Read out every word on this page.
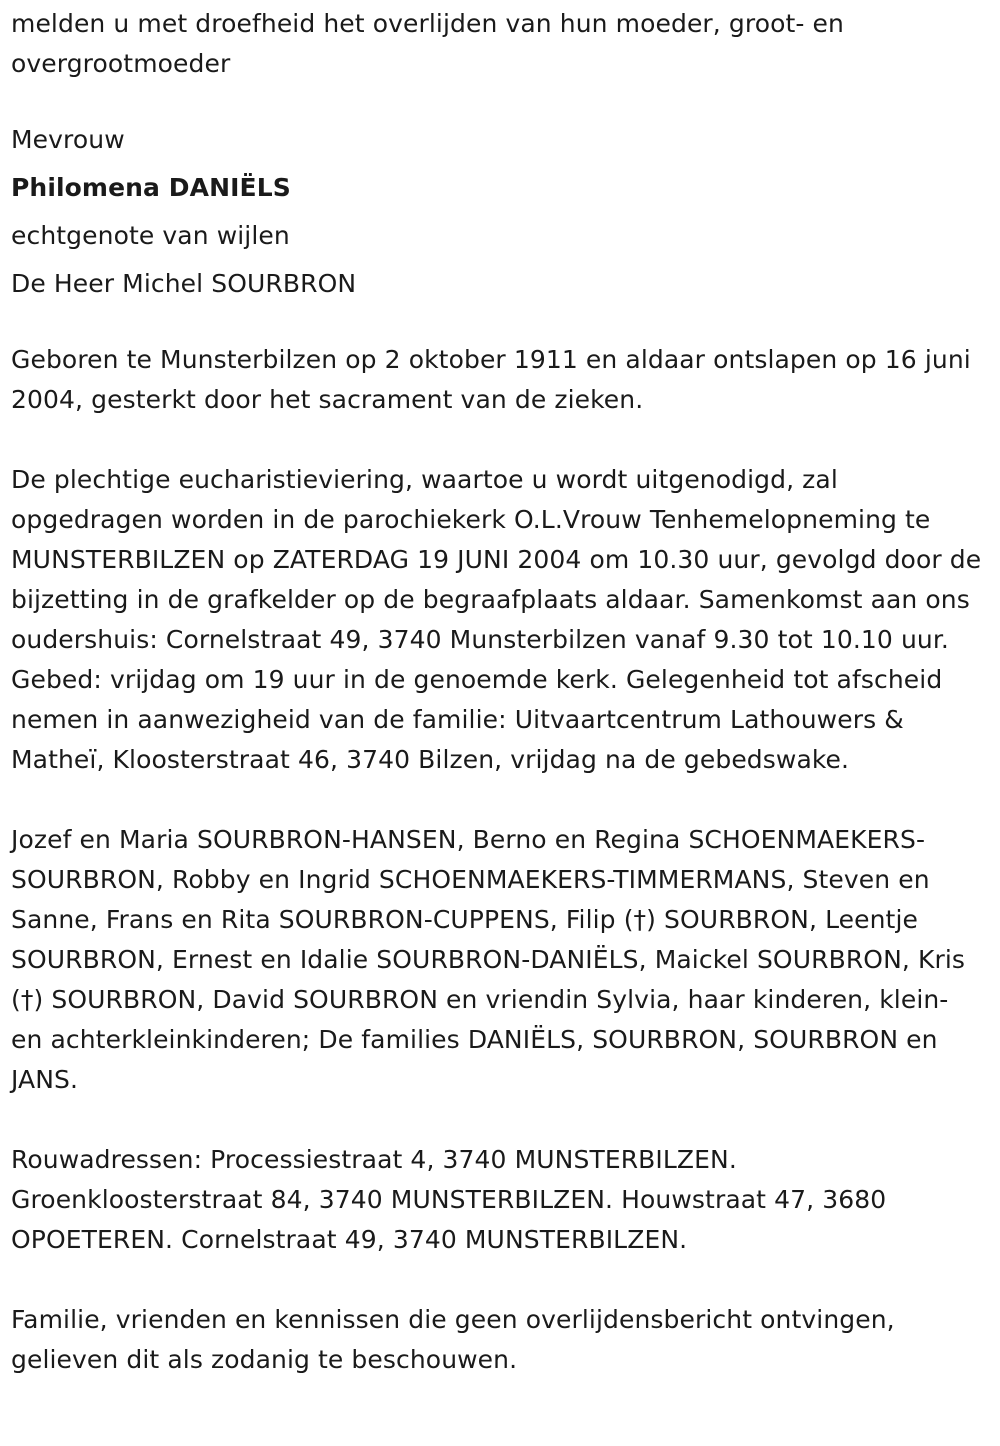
melden u met droefheid het overlijden van hun moeder, groot- en overgrootmoeder

Mevrouw

Philomena DANIËLS

echtgenote van wijlen

De Heer Michel SOURBRON

Geboren te Munsterbilzen op 2 oktober 1911 en aldaar ontslapen op 16 juni 2004, gesterkt door het sacrament van de zieken.

De plechtige eucharistieviering, waartoe u wordt uitgenodigd, zal opgedragen worden in de parochiekerk O.L.Vrouw Tenhemelopneming te MUNSTERBILZEN op ZATERDAG 19 JUNI 2004 om 10.30 uur, gevolgd door de bijzetting in de grafkelder op de begraafplaats aldaar. Samenkomst aan ons oudershuis: Cornelstraat 49, 3740 Munsterbilzen vanaf 9.30 tot 10.10 uur. Gebed: vrijdag om 19 uur in de genoemde kerk. Gelegenheid tot afscheid nemen in aanwezigheid van de familie: Uitvaartcentrum Lathouwers & Matheï, Kloosterstraat 46, 3740 Bilzen, vrijdag na de gebedswake.

Jozef en Maria SOURBRON-HANSEN, Berno en Regina SCHOENMAEKERS-SOURBRON, Robby en Ingrid SCHOENMAEKERS-TIMMERMANS, Steven en Sanne, Frans en Rita SOURBRON-CUPPENS, Filip (†) SOURBRON, Leentje SOURBRON, Ernest en Idalie SOURBRON-DANIËLS, Maickel SOURBRON, Kris (†) SOURBRON, David SOURBRON en vriendin Sylvia, haar kinderen, klein- en achterkleinkinderen; De families DANIËLS, SOURBRON, SOURBRON en JANS.

Rouwadressen: Processiestraat 4, 3740 MUNSTERBILZEN. Groenkloosterstraat 84, 3740 MUNSTERBILZEN. Houwstraat 47, 3680 OPOETEREN. Cornelstraat 49, 3740 MUNSTERBILZEN.

Familie, vrienden en kennissen die geen overlijdensbericht ontvingen, gelieven dit als zodanig te beschouwen.
